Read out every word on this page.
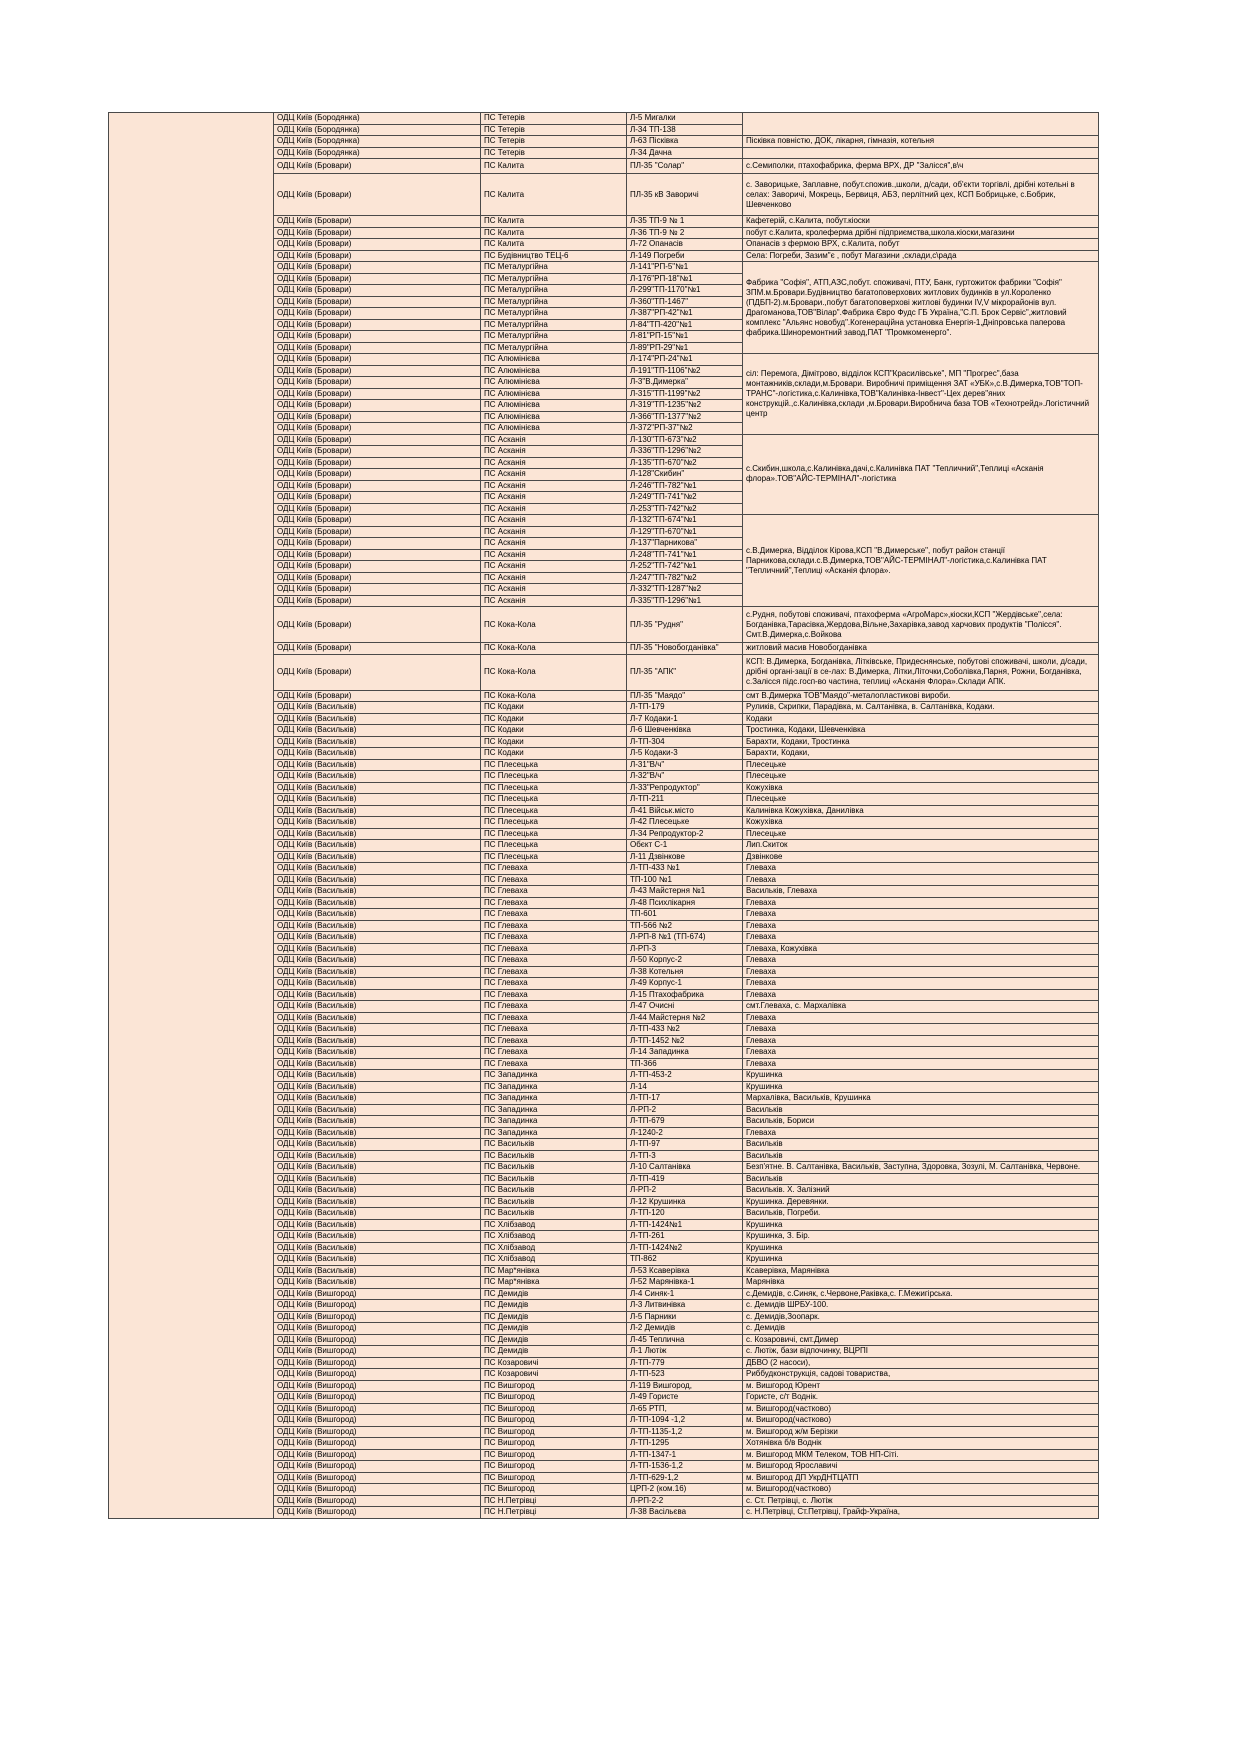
	ОДЦ Київ (Бородянка)	ПС Тетерів	Л-5 Мигалки	
	ОДЦ Київ (Бородянка)	ПС Тетерів	Л-34 ТП-138	
	ОДЦ Київ (Бородянка)	ПС Тетерів	Л-63 Пісківка	Пісківка повністю, ДОК, лікарня, гімназія, котельня
	ОДЦ Київ (Бородянка)	ПС Тетерів	Л-34 Дачна	
	ОДЦ Київ (Бровари)	ПС Калита	ПЛ-35 "Солар"	с.Семиполки, птахофабрика, ферма ВРХ, ДР "Залісся",в\ч
	ОДЦ Київ (Бровари)	ПС Калита	ПЛ-35 кВ Заворичі	с. Заворицьке, Заплавне, побут.спожив.,школи, д/сади, об'єкти торгівлі, дрібні котельні в селах: Заворичі, Мокрець, Бервиця, АБЗ, перлітний цех, КСП Бобрицьке, с.Бобрик, Шевченково
	ОДЦ Київ (Бровари)	ПС Калита	Л-35 ТП-9 № 1	Кафетерій, с.Калита, побут.кіоски
	ОДЦ Київ (Бровари)	ПС Калита	Л-36 ТП-9 № 2	побут с.Калита, кролеферма дрібні підприємства,школа.кіоски,магазини
	ОДЦ Київ (Бровари)	ПС Калита	Л-72 Опанасів	Опанасів з фермою ВРХ, с.Калита, побут
	ОДЦ Київ (Бровари)	ПС Будівництво ТЕЦ-6	Л-149 Погреби	Села: Погреби, Зазим"є , побут Магазини ,склади,с\рада
	ОДЦ Київ (Бровари)	ПС Металургійна	Л-141"РП-5"№1	Фабрика "Софія", АТП,АЗС,побут. споживачі, ПТУ, Банк, гуртожиток фабрики "Софія" ЗПМ.м.Бровари.Будівництво багатоповерхових житлових будинків в ул.Короленко (ПДБП-2).м.Бровари.,побут багатоповерхові житлові будинки ІV,V мікрорайонів вул. Драгоманова,ТОВ"Вілар".Фабрика Євро Фудс ГБ Україна,"С.П. Брок Сервіс",житловий комплекс "Альянс новобуд".Когенераційна установка Енергія-1,Дніпровська паперова фабрика.Шиноремонтний завод,ПАТ "Промкоменерго".
	ОДЦ Київ (Бровари)	ПС Металургійна	Л-176"РП-18"№1	
	ОДЦ Київ (Бровари)	ПС Металургійна	Л-299"ТП-1170"№1	
	ОДЦ Київ (Бровари)	ПС Металургійна	Л-360"ТП-1467"	
	ОДЦ Київ (Бровари)	ПС Металургійна	Л-387"РП-42"№1	
	ОДЦ Київ (Бровари)	ПС Металургійна	Л-84"ТП-420"№1	
	ОДЦ Київ (Бровари)	ПС Металургійна	Л-81"РП-15"№1	
	ОДЦ Київ (Бровари)	ПС Металургійна	Л-89"РП-29"№1	
	ОДЦ Київ (Бровари)	ПС Алюмінієва	Л-174"РП-24"№1	сіл: Перемога, Дімітрово, відділок КСП"Красилівське", МП "Прогрес",база монтажників,склади,м.Бровари. Виробничі приміщення ЗАТ «УБК»,с.В.Димерка,ТОВ"ТОП-ТРАНС"-логістика,с.Калинівка,ТОВ"Калинівка-Інвест"-Цех дерев"яних конструкцій.,с.Калинівка,склади ,м.Бровари.Виробнича база ТОВ «Технотрейд».Логістичний центр
	ОДЦ Київ (Бровари)	ПС Алюмінієва	Л-191"ТП-1106"№2	
	ОДЦ Київ (Бровари)	ПС Алюмінієва	Л-3"В.Димерка"	
	ОДЦ Київ (Бровари)	ПС Алюмінієва	Л-315"ТП-1199"№2	
	ОДЦ Київ (Бровари)	ПС Алюмінієва	Л-319"ТП-1235"№2	
	ОДЦ Київ (Бровари)	ПС Алюмінієва	Л-366"ТП-1377"№2	
	ОДЦ Київ (Бровари)	ПС Алюмінієва	Л-372"РП-37"№2	
	ОДЦ Київ (Бровари)	ПС Асканія	Л-130"ТП-673"№2	с.Скибин,школа,с.Калинівка,дачі,с.Калинівка ПАТ "Тепличний",Теплиці «Асканія флора».ТОВ"АЙС-ТЕРМІНАЛ"-логістика
	ОДЦ Київ (Бровари)	ПС Асканія	Л-336"ТП-1296"№2	
	ОДЦ Київ (Бровари)	ПС Асканія	Л-135"ТП-670"№2	
	ОДЦ Київ (Бровари)	ПС Асканія	Л-128"Скибин"	
	ОДЦ Київ (Бровари)	ПС Асканія	Л-246"ТП-782"№1	
	ОДЦ Київ (Бровари)	ПС Асканія	Л-249"ТП-741"№2	
	ОДЦ Київ (Бровари)	ПС Асканія	Л-253"ТП-742"№2	
	ОДЦ Київ (Бровари)	ПС Асканія	Л-132"ТП-674"№1	с.В.Димерка, Відділок Кірова,КСП "В.Димерське", побут район станції Парникова,склади.с.В.Димерка,ТОВ"АЙС-ТЕРМІНАЛ"-логістика,с.Калинівка ПАТ "Тепличний",Теплиці «Асканія флора».
	ОДЦ Київ (Бровари)	ПС Асканія	Л-129"ТП-670"№1	
	ОДЦ Київ (Бровари)	ПС Асканія	Л-137"Парникова"	
	ОДЦ Київ (Бровари)	ПС Асканія	Л-248"ТП-741"№1	
	ОДЦ Київ (Бровари)	ПС Асканія	Л-252"ТП-742"№1	
	ОДЦ Київ (Бровари)	ПС Асканія	Л-247"ТП-782"№2	
	ОДЦ Київ (Бровари)	ПС Асканія	Л-332"ТП-1287"№2	
	ОДЦ Київ (Бровари)	ПС Асканія	Л-335"ТП-1296"№1	
	ОДЦ Київ (Бровари)	ПС Кока-Кола	ПЛ-35 "Рудня"	с.Рудня, побутові споживачі, птахоферма «АгроМарс»,кіоски,КСП "Жердівське",села: Богданівка,Тарасівка,Жердова,Вільне,Захарівка,завод харчових продуктів "Полісся". Смт.В.Димерка,с.Войкова
	ОДЦ Київ (Бровари)	ПС Кока-Кола	ПЛ-35 "Новобогданівка"	житловий масив Новобогданівка
	ОДЦ Київ (Бровари)	ПС Кока-Кола	ПЛ-35 "АПК"	КСП: В.Димерка, Богданівка, Літківське, Придеснянське, побутові споживачі, школи, д/сади, дрібні органі-зації в се-лах: В.Димерка, Літки,Літочки,Соболівка,Парня, Рожни, Богданівка, с.Залісся підс.госп-во частина, теплиці «Асканія Флора».Склади АПК.
	ОДЦ Київ (Бровари)	ПС Кока-Кола	ПЛ-35 "Маядо"	смт В.Димерка ТОВ"Маядо"-металопластикові вироби.
	ОДЦ Київ (Васильків)	ПС Кодаки	Л-ТП-179	Руликів, Скрипки, Парадівка, м. Салтанівка, в. Салтанівка, Кодаки.
	ОДЦ Київ (Васильків)	ПС Кодаки	Л-7 Кодаки-1	Кодаки
	ОДЦ Київ (Васильків)	ПС Кодаки	Л-6 Шевченківка	Тростинка, Кодаки, Шевченківка
	ОДЦ Київ (Васильків)	ПС Кодаки	Л-ТП-304	Барахти, Кодаки, Тростинка
	ОДЦ Київ (Васильків)	ПС Кодаки	Л-5 Кодаки-3	Барахти, Кодаки,
	ОДЦ Київ (Васильків)	ПС Плесецька	Л-31"В/ч"	Плесецьке
	ОДЦ Київ (Васильків)	ПС Плесецька	Л-32"В/ч"	Плесецьке
	ОДЦ Київ (Васильків)	ПС Плесецька	Л-33"Репродуктор"	Кожухівка
	ОДЦ Київ (Васильків)	ПС Плесецька	Л-ТП-211	Плесецьке
	ОДЦ Київ (Васильків)	ПС Плесецька	Л-41 Військ.місто	Калинівка Кожухівка, Данилівка
	ОДЦ Київ (Васильків)	ПС Плесецька	Л-42 Плесецьке	Кожухівка
	ОДЦ Київ (Васильків)	ПС Плесецька	Л-34 Репродуктор-2	Плесецьке
	ОДЦ Київ (Васильків)	ПС Плесецька	Обєкт С-1	Лип.Скиток
	ОДЦ Київ (Васильків)	ПС Плесецька	Л-11 Дзвінкове	Дзвінкове
	ОДЦ Київ (Васильків)	ПС Глеваха	Л-ТП-433 №1	Глеваха
	ОДЦ Київ (Васильків)	ПС Глеваха	ТП-100 №1	Глеваха
	ОДЦ Київ (Васильків)	ПС Глеваха	Л-43 Майстерня №1	Васильків, Глеваха
	ОДЦ Київ (Васильків)	ПС Глеваха	Л-48 Психлікарня	Глеваха
	ОДЦ Київ (Васильків)	ПС Глеваха	ТП-601	Глеваха
	ОДЦ Київ (Васильків)	ПС Глеваха	ТП-566 №2	Глеваха
	ОДЦ Київ (Васильків)	ПС Глеваха	Л-РП-8 №1 (ТП-674)	Глеваха
	ОДЦ Київ (Васильків)	ПС Глеваха	Л-РП-3	Глеваха, Кожухівка
	ОДЦ Київ (Васильків)	ПС Глеваха	Л-50 Корпус-2	Глеваха
	ОДЦ Київ (Васильків)	ПС Глеваха	Л-38 Котельня	Глеваха
	ОДЦ Київ (Васильків)	ПС Глеваха	Л-49 Корпус-1	Глеваха
	ОДЦ Київ (Васильків)	ПС Глеваха	Л-15 Птахофабрика	Глеваха
	ОДЦ Київ (Васильків)	ПС Глеваха	Л-47 Очисні	смт.Глеваха, с. Мархалівка
	ОДЦ Київ (Васильків)	ПС Глеваха	Л-44 Майстерня №2	Глеваха
	ОДЦ Київ (Васильків)	ПС Глеваха	Л-ТП-433 №2	Глеваха
	ОДЦ Київ (Васильків)	ПС Глеваха	Л-ТП-1452 №2	Глеваха
	ОДЦ Київ (Васильків)	ПС Глеваха	Л-14 Западинка	Глеваха
	ОДЦ Київ (Васильків)	ПС Глеваха	ТП-366	Глеваха
	ОДЦ Київ (Васильків)	ПС Западинка	Л-ТП-453-2	Крушинка
	ОДЦ Київ (Васильків)	ПС Западинка	Л-14	Крушинка
	ОДЦ Київ (Васильків)	ПС Западинка	Л-ТП-17	Мархалівка, Васильків, Крушинка
	ОДЦ Київ (Васильків)	ПС Западинка	Л-РП-2	Васильків
	ОДЦ Київ (Васильків)	ПС Западинка	Л-ТП-679	Васильків, Бориси
	ОДЦ Київ (Васильків)	ПС Западинка	Л-1240-2	Глеваха
	ОДЦ Київ (Васильків)	ПС Васильків	Л-ТП-97	Васильків
	ОДЦ Київ (Васильків)	ПС Васильків	Л-ТП-3	Васильків
	ОДЦ Київ (Васильків)	ПС Васильків	Л-10 Салтанівка	Безп'ятне. В. Салтанівка, Васильків, Заступна, Здоровка, Зозулі, М. Салтанівка, Червоне.
	ОДЦ Київ (Васильків)	ПС Васильків	Л-ТП-419	Васильків
	ОДЦ Київ (Васильків)	ПС Васильків	Л-РП-2	Васильків. Х. Залізний
	ОДЦ Київ (Васильків)	ПС Васильків	Л-12 Крушинка	Крушинка. Деревянки.
	ОДЦ Київ (Васильків)	ПС Васильків	Л-ТП-120	Васильків, Погреби.
	ОДЦ Київ (Васильків)	ПС Хлібзавод	Л-ТП-1424№1	Крушинка
	ОДЦ Київ (Васильків)	ПС Хлібзавод	Л-ТП-261	Крушинка, З. Бір.
	ОДЦ Київ (Васильків)	ПС Хлібзавод	Л-ТП-1424№2	Крушинка
	ОДЦ Київ (Васильків)	ПС Хлібзавод	ТП-862	Крушинка
	ОДЦ Київ (Васильків)	ПС Мар*янівка	Л-53 Ксаверівка	Ксаверівка, Марянівка
	ОДЦ Київ (Васильків)	ПС Мар*янівка	Л-52 Марянівка-1	Марянівка
	ОДЦ Київ (Вишгород)	ПС Демидів	Л-4 Синяк-1	с.Демидів, с.Синяк, с.Червоне,Раківка,с. Г.Межигірська.
	ОДЦ Київ (Вишгород)	ПС Демидів	Л-3 Литвинівка	с. Демидів ШРБУ-100.
	ОДЦ Київ (Вишгород)	ПС Демидів	Л-5 Парники	с. Демидів,Зоопарк.
	ОДЦ Київ (Вишгород)	ПС Демидів	Л-2 Демидів	с. Демидів
	ОДЦ Київ (Вишгород)	ПС Демидів	Л-45 Теплична	с. Козаровичі, смт.Димер
	ОДЦ Київ (Вишгород)	ПС Демидів	Л-1 Лютіж	с. Лютіж, бази відпочинку, ВЦРПІ
	ОДЦ Київ (Вишгород)	ПС Козаровичі	Л-ТП-779	ДБВО (2 насоси),
	ОДЦ Київ (Вишгород)	ПС Козаровичі	Л-ТП-523	Риббудконструкція, садові товариства,
	ОДЦ Київ (Вишгород)	ПС Вишгород	Л-119 Вишгород,	м. Вишгород Юрент
	ОДЦ Київ (Вишгород)	ПС Вишгород	Л-49 Гористе	Гористе, с/т Воднік.
	ОДЦ Київ (Вишгород)	ПС Вишгород	Л-65 РТП,	м. Вишгород(частково)
	ОДЦ Київ (Вишгород)	ПС Вишгород	Л-ТП-1094 -1,2	м. Вишгород(частково)
	ОДЦ Київ (Вишгород)	ПС Вишгород	Л-ТП-1135-1,2	м. Вишгород ж/м Берізки
	ОДЦ Київ (Вишгород)	ПС Вишгород	Л-ТП-1295	Хотянівка б/в Воднік
	ОДЦ Київ (Вишгород)	ПС Вишгород	Л-ТП-1347-1	м. Вишгород МКМ Телеком, ТОВ НП-Сіті.
	ОДЦ Київ (Вишгород)	ПС Вишгород	Л-ТП-1536-1,2	м. Вишгород Ярославичі
	ОДЦ Київ (Вишгород)	ПС Вишгород	Л-ТП-629-1,2	м. Вишгород ДП УкрДНТЦАТП
	ОДЦ Київ (Вишгород)	ПС Вишгород	ЦРП-2 (ком.16)	м. Вишгород(частково)
	ОДЦ Київ (Вишгород)	ПС Н.Петрівці	Л-РП-2-2	с. Ст. Петрівці, с. Лютіж
	ОДЦ Київ (Вишгород)	ПС Н.Петрівці	Л-38 Васільєва	с. Н.Петрівці, Ст.Петрівці, Грайф-Україна,
